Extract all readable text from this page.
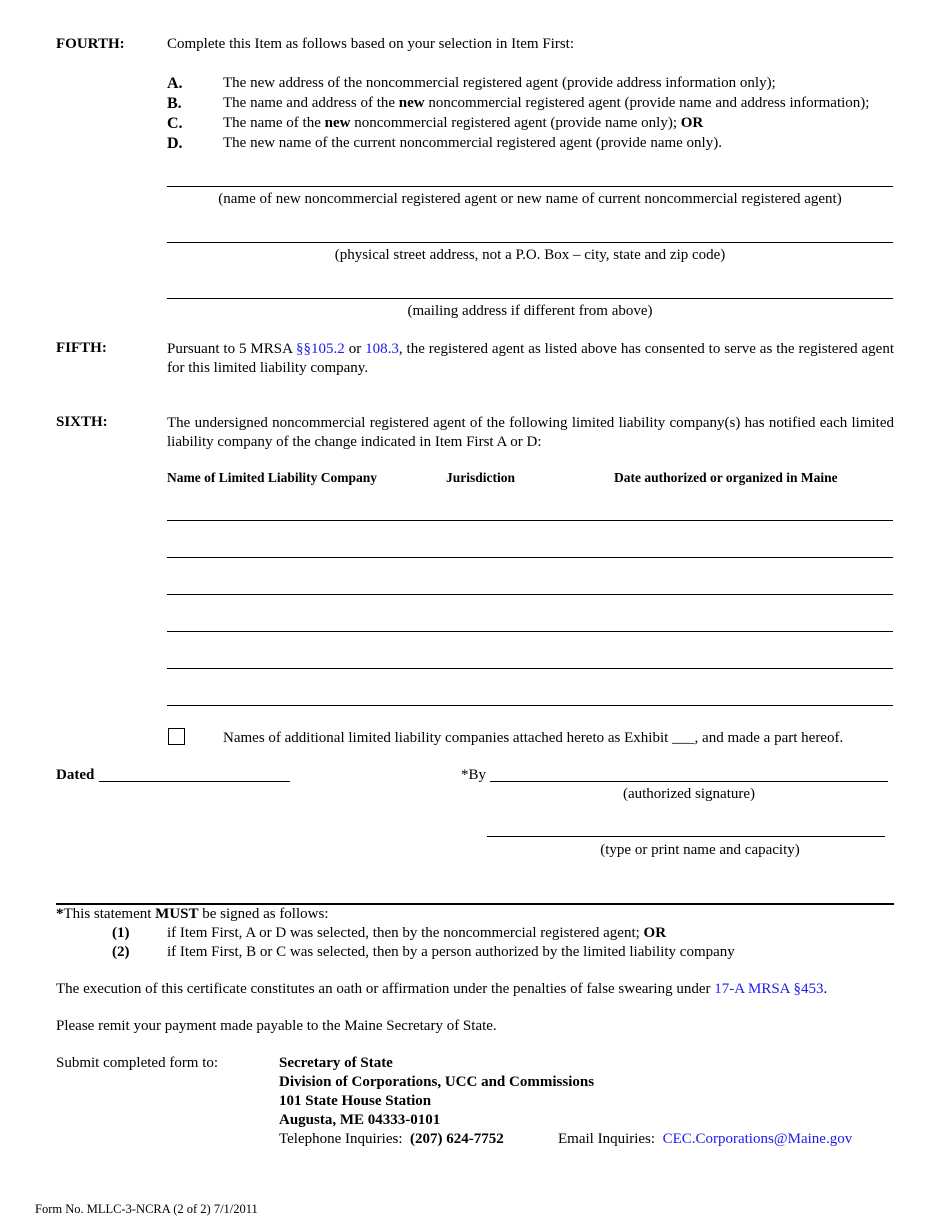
FOURTH:	Complete this Item as follows based on your selection in Item First:
A.	The new address of the noncommercial registered agent (provide address information only);
B.	The name and address of the new noncommercial registered agent (provide name and address information);
C.	The name of the new noncommercial registered agent (provide name only); OR
D.	The new name of the current noncommercial registered agent (provide name only).
(name of new noncommercial registered agent or new name of current noncommercial registered agent)
(physical street address, not a P.O. Box – city, state and zip code)
(mailing address if different from above)
FIFTH:	Pursuant to 5 MRSA §§105.2 or 108.3, the registered agent as listed above has consented to serve as the registered agent for this limited liability company.
SIXTH:	The undersigned noncommercial registered agent of the following limited liability company(s) has notified each limited liability company of the change indicated in Item First A or D:
Name of Limited Liability Company	Jurisdiction	Date authorized or organized in Maine
Names of additional limited liability companies attached hereto as Exhibit ___, and made a part hereof.
Dated	*By
(authorized signature)
(type or print name and capacity)
*This statement MUST be signed as follows:
(1)	if Item First, A or D was selected, then by the noncommercial registered agent; OR
(2)	if Item First, B or C was selected, then by a person authorized by the limited liability company
The execution of this certificate constitutes an oath or affirmation under the penalties of false swearing under 17-A MRSA §453.
Please remit your payment made payable to the Maine Secretary of State.
Submit completed form to:	Secretary of State
Division of Corporations, UCC and Commissions
101 State House Station
Augusta, ME 04333-0101
Telephone Inquiries:  (207) 624-7752	Email Inquiries:  CEC.Corporations@Maine.gov
Form No. MLLC-3-NCRA (2 of 2) 7/1/2011
